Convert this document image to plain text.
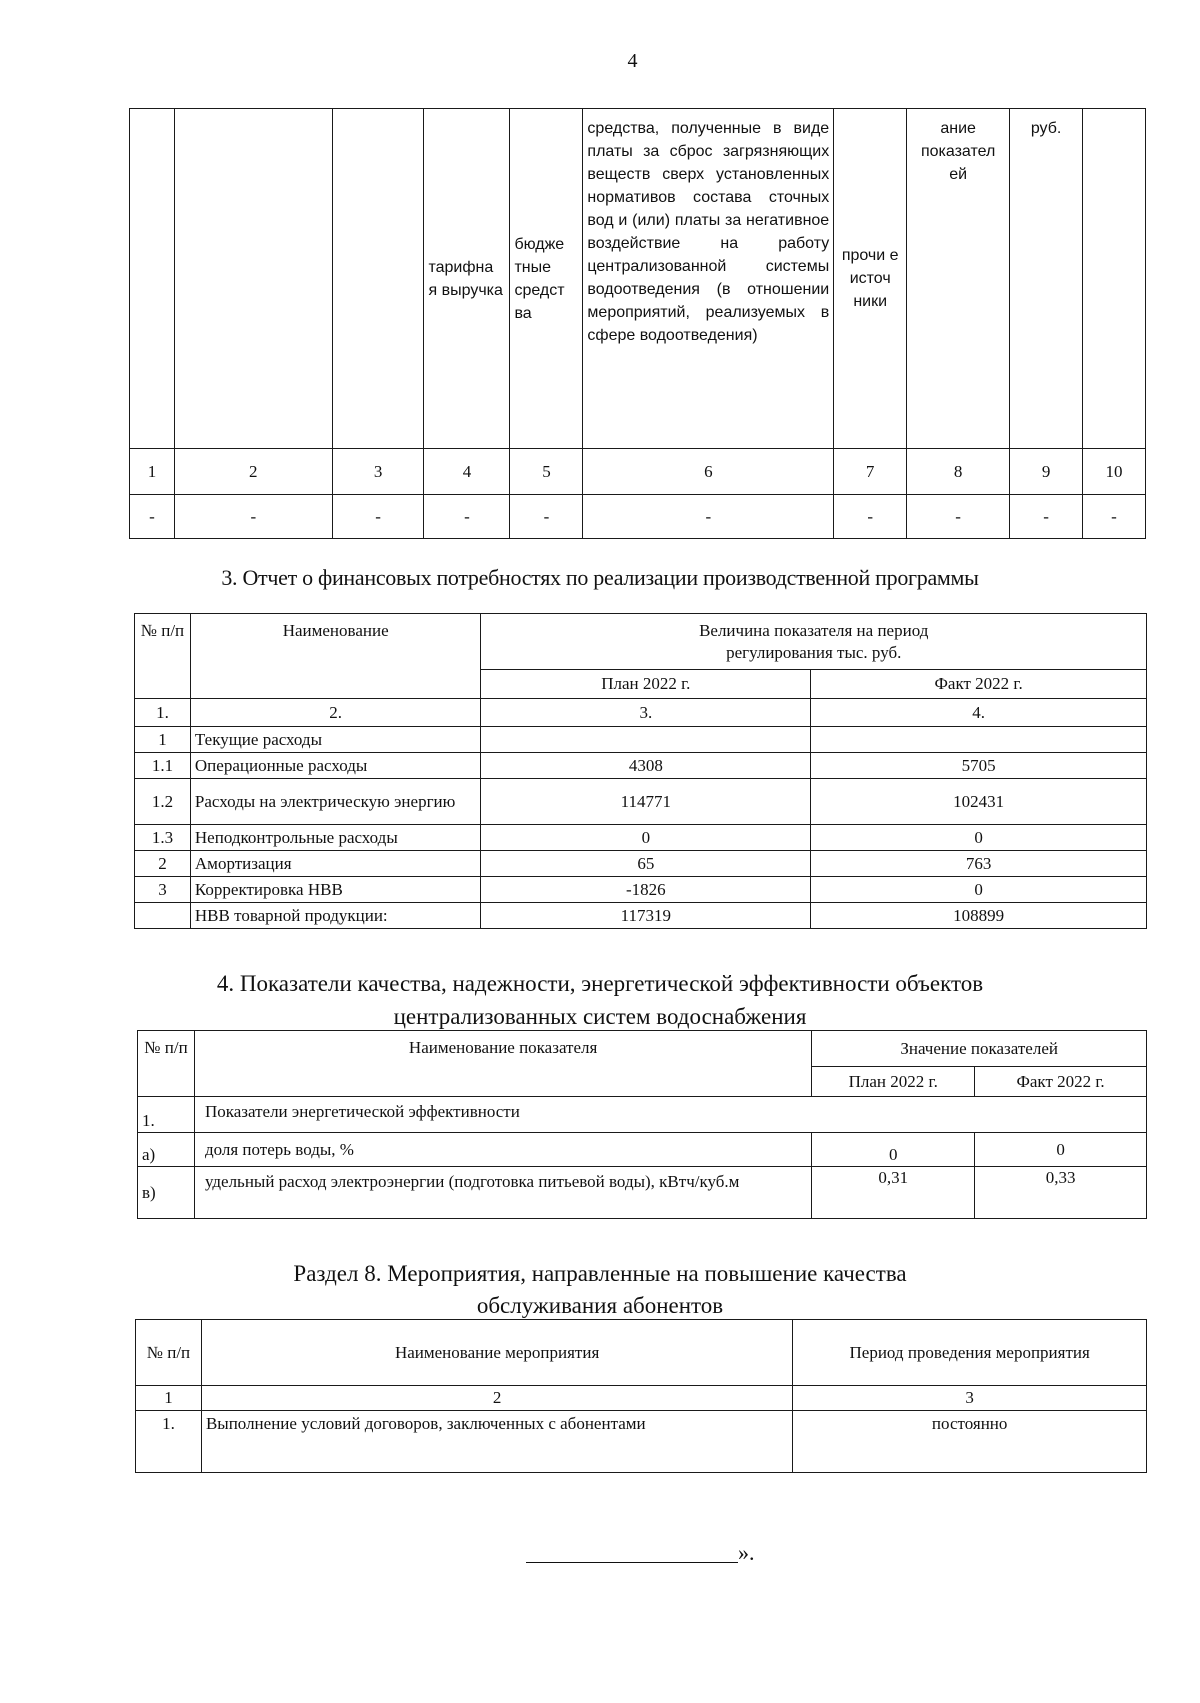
4
			тарифна я выручка	бюдже тные средст ва	средства, полученные в виде платы за сброс загрязняющих веществ сверх установленных нормативов состава сточных вод и (или) платы за негативное воздействие на работу централизованной системы водоотведения (в отношении мероприятий, реализуемых в сфере водоотведения)	прочи е источ ники	ание показател ей	руб.	
1	2	3	4	5	6	7	8	9	10
-	-	-	-	-	-	-	-	-	-
3. Отчет о финансовых потребностях по реализации производственной программы
№ п/п	Наименование	Величина показателя на период регулирования тыс. руб.	
		План 2022 г.	Факт 2022 г.
1.	2.	3.	4.
1	Текущие расходы		
1.1	Операционные расходы	4308	5705
1.2	Расходы на электрическую энергию	114771	102431
1.3	Неподконтрольные расходы	0	0
2	Амортизация	65	763
3	Корректировка НВВ	-1826	0
	НВВ товарной продукции:	117319	108899
4. Показатели качества, надежности, энергетической эффективности объектов
централизованных систем водоснабжения
№ п/п	Наименование показателя	Значение показателей	
		План 2022 г.	Факт 2022 г.
1.	Показатели энергетической эффективности		
а)	доля потерь воды, %	0	0
в)	удельный расход электроэнергии (подготовка питьевой воды), кВтч/куб.м	0,31	0,33
Раздел 8. Мероприятия, направленные на повышение качества
обслуживания абонентов
№ п/п	Наименование мероприятия	Период проведения мероприятия
1	2	3
1.	Выполнение условий договоров, заключенных с абонентами	постоянно
».
